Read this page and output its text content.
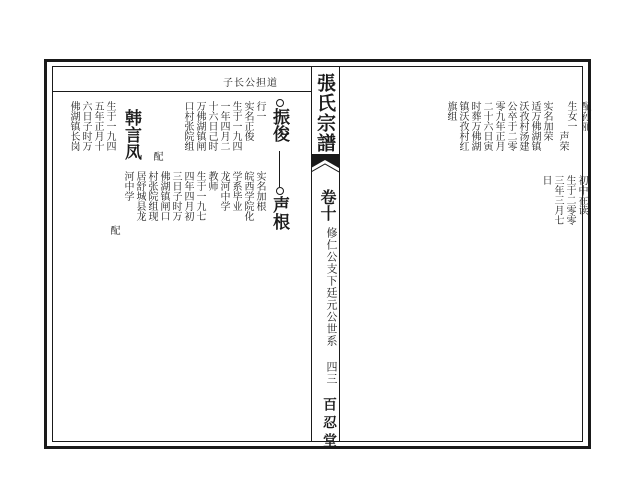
張氏宗譜
卷十
修仁公支下廷元公世系 四三
百忍堂
子长公担道
振俊
行一
实名正俊
生于一九四
一年四月二
十六日己时
万佛湖镇闸
口村张院组
配
韩言凤
生于一九四
五年正月十
六日子时万
佛湖镇长岗
声根
实名加根
皖西学院化
学系毕业
龙河中学
教师
生于一九七
四年四月初
三日子时万
佛湖镇闸口
村张院组现
居舒城县龙
河中学
配
配孙丽
生女一
声荣
实名加荣
适万佛湖镇
沃孜村汤建
公卒于二零
零九年正月
二十六日寅
时葬万佛湖
镇沃孜村红
旗组
初中在读
生于二零零
三年三月七
日
